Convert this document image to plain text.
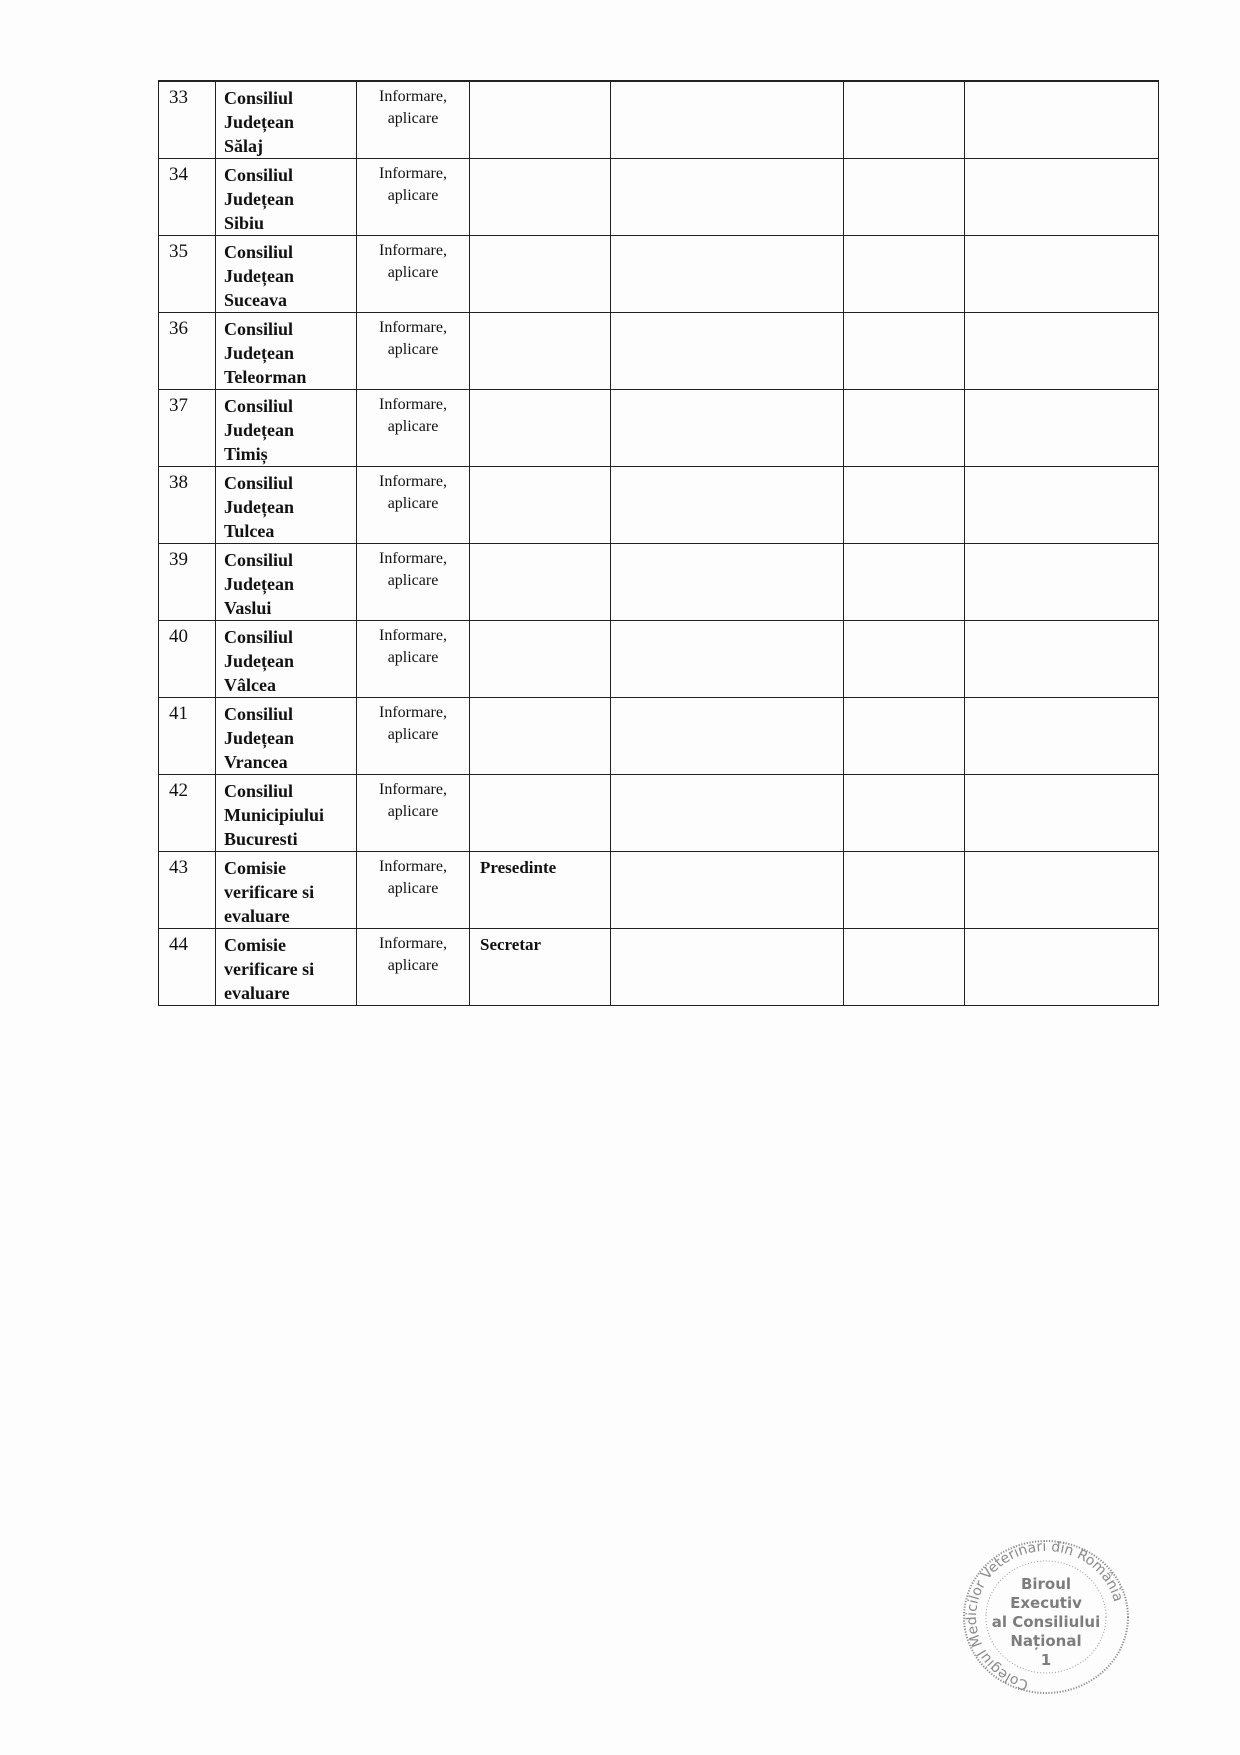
33	Consiliul
Județean
Sălaj	Informare,
aplicare				

34	Consiliul
Județean
Sibiu	Informare,
aplicare				

35	Consiliul
Județean
Suceava	Informare,
aplicare				

36	Consiliul
Județean
Teleorman	Informare,
aplicare				

37	Consiliul
Județean
Timiș	Informare,
aplicare				

38	Consiliul
Județean
Tulcea	Informare,
aplicare				

39	Consiliul
Județean
Vaslui	Informare,
aplicare				

40	Consiliul
Județean
Vâlcea	Informare,
aplicare				

41	Consiliul
Județean
Vrancea	Informare,
aplicare				

42	Consiliul
Municipiului
Bucuresti	Informare,
aplicare				

43	Comisie
verificare si
evaluare	Informare,
aplicare	Presedinte			
44	Comisie
verificare si
evaluare	Informare,
aplicare	Secretar			
Colegiul Medicilor Veterinari din România
Biroul
Executiv
al Consiliului
Național
1
